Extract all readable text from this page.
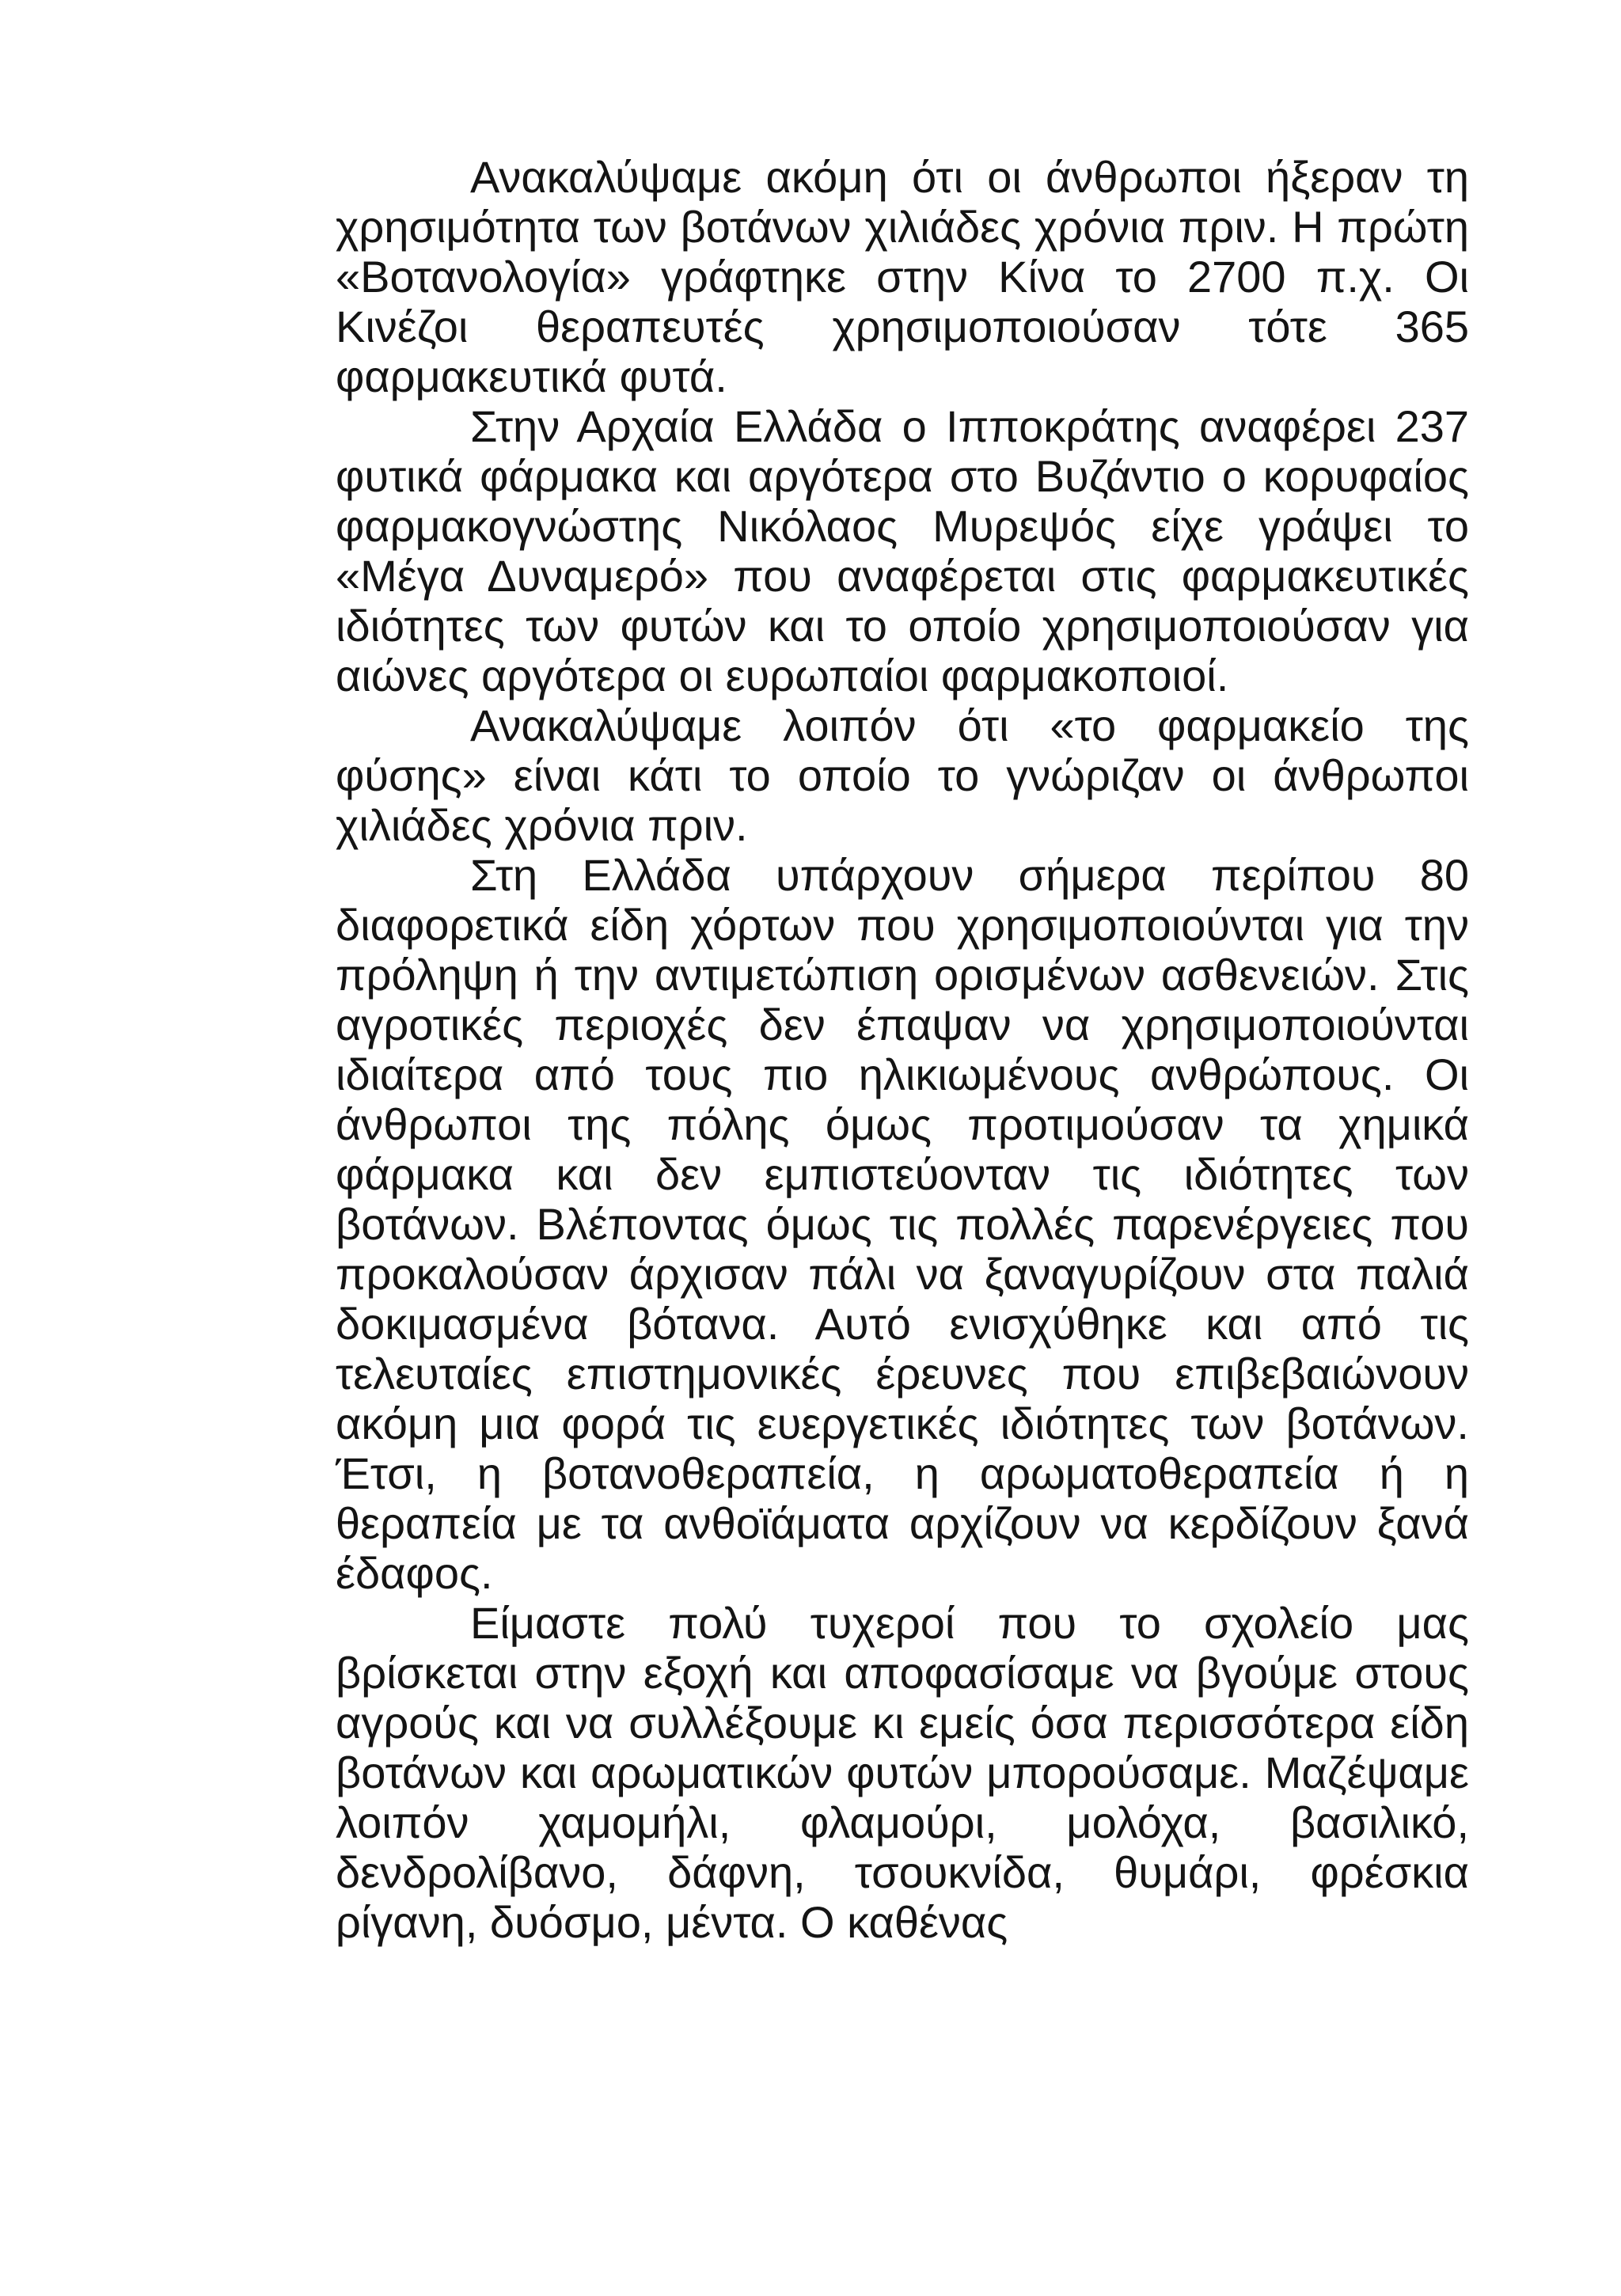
Ανακαλύψαμε ακόμη ότι οι άνθρωποι ήξεραν τη χρησιμότητα των βοτάνων χιλιάδες χρόνια πριν. Η πρώτη «Βοτανολογία» γράφτηκε στην Κίνα το 2700 π.χ. Οι Κινέζοι θεραπευτές χρησιμοποιούσαν τότε 365 φαρμακευτικά φυτά.

Στην Αρχαία Ελλάδα ο Ιπποκράτης αναφέρει 237 φυτικά φάρμακα και αργότερα στο Βυζάντιο ο κορυφαίος φαρμακογνώστης Νικόλαος Μυρεψός είχε γράψει το «Μέγα Δυναμερό» που αναφέρεται στις φαρμακευτικές ιδιότητες των φυτών και το οποίο χρησιμοποιούσαν για αιώνες αργότερα οι ευρωπαίοι φαρμακοποιοί.

Ανακαλύψαμε λοιπόν ότι «το φαρμακείο της φύσης» είναι κάτι το οποίο το γνώριζαν οι άνθρωποι χιλιάδες χρόνια πριν.

Στη Ελλάδα υπάρχουν σήμερα περίπου 80 διαφορετικά είδη χόρτων που χρησιμοποιούνται για την πρόληψη ή την αντιμετώπιση ορισμένων ασθενειών. Στις αγροτικές περιοχές δεν έπαψαν να χρησιμοποιούνται ιδιαίτερα από τους πιο ηλικιωμένους ανθρώπους. Οι άνθρωποι της πόλης όμως προτιμούσαν τα χημικά φάρμακα και δεν εμπιστεύονταν τις ιδιότητες των βοτάνων. Βλέποντας όμως τις πολλές παρενέργειες που προκαλούσαν άρχισαν πάλι να ξαναγυρίζουν στα παλιά δοκιμασμένα βότανα. Αυτό ενισχύθηκε και από τις τελευταίες επιστημονικές έρευνες που επιβεβαιώνουν ακόμη μια φορά τις ευεργετικές ιδιότητες των βοτάνων. Έτσι, η βοτανοθεραπεία, η αρωματοθεραπεία ή η θεραπεία με τα ανθοϊάματα αρχίζουν να κερδίζουν ξανά έδαφος.

Είμαστε πολύ τυχεροί που το σχολείο μας βρίσκεται στην εξοχή και αποφασίσαμε να βγούμε στους αγρούς και να συλλέξουμε κι εμείς όσα περισσότερα είδη βοτάνων και αρωματικών φυτών μπορούσαμε. Μαζέψαμε λοιπόν χαμομήλι, φλαμούρι, μολόχα, βασιλικό, δενδρολίβανο, δάφνη, τσουκνίδα, θυμάρι, φρέσκια ρίγανη, δυόσμο, μέντα. Ο καθένας
